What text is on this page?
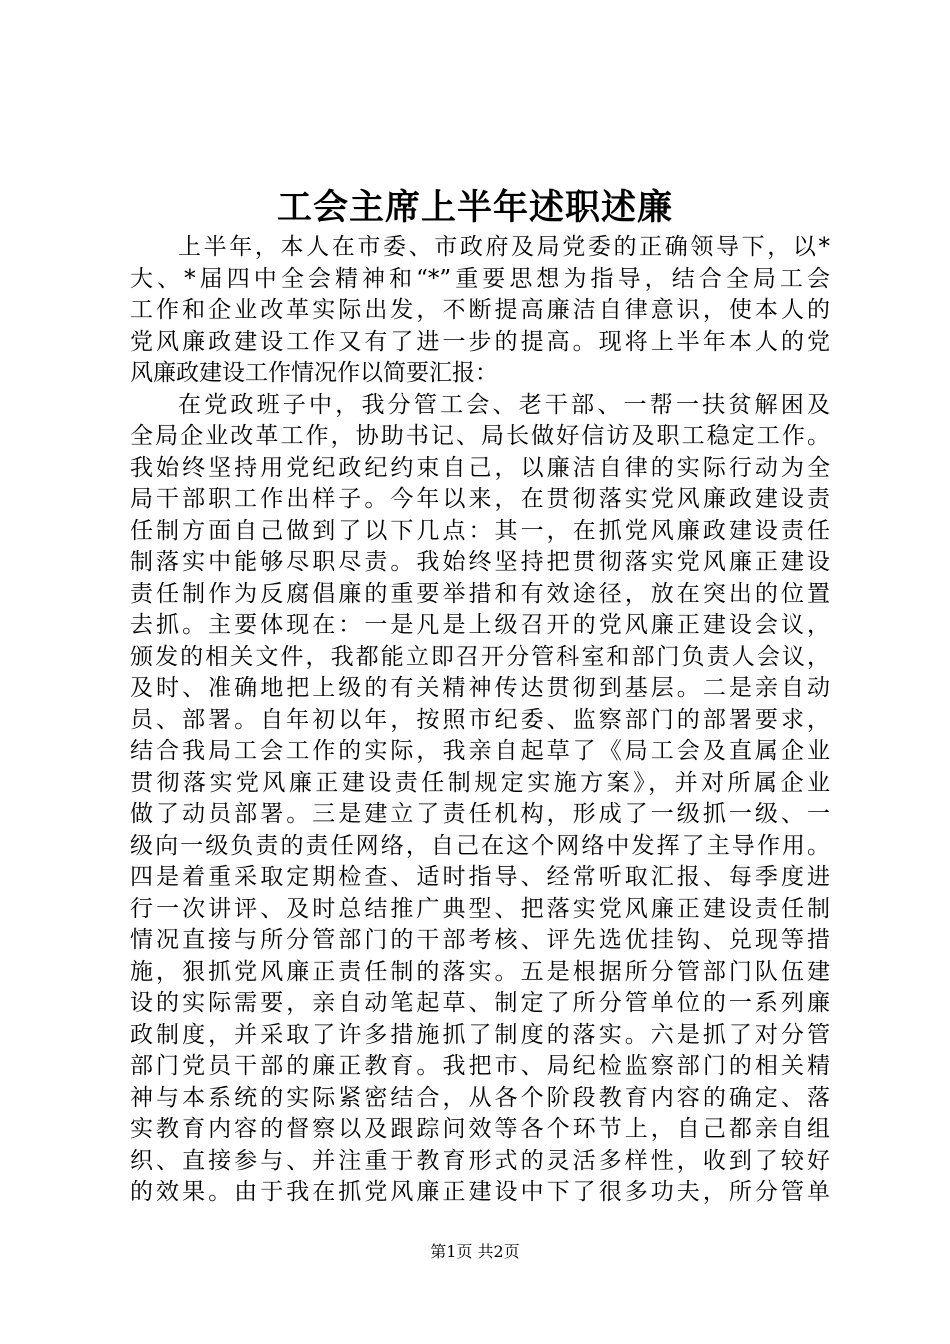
工会主席上半年述职述廉
上半年，本人在市委、市政府及局党委的正确领导下，以*
大、*届四中全会精神和“*”重要思想为指导，结合全局工会
工作和企业改革实际出发，不断提高廉洁自律意识，使本人的
党风廉政建设工作又有了进一步的提高。现将上半年本人的党
风廉政建设工作情况作以简要汇报：
在党政班子中，我分管工会、老干部、一帮一扶贫解困及
全局企业改革工作，协助书记、局长做好信访及职工稳定工作。
我始终坚持用党纪政纪约束自己，以廉洁自律的实际行动为全
局干部职工作出样子。今年以来，在贯彻落实党风廉政建设责
任制方面自己做到了以下几点：其一，在抓党风廉政建设责任
制落实中能够尽职尽责。我始终坚持把贯彻落实党风廉正建设
责任制作为反腐倡廉的重要举措和有效途径，放在突出的位置
去抓。主要体现在：一是凡是上级召开的党风廉正建设会议，
颁发的相关文件，我都能立即召开分管科室和部门负责人会议，
及时、准确地把上级的有关精神传达贯彻到基层。二是亲自动
员、部署。自年初以年，按照市纪委、监察部门的部署要求，
结合我局工会工作的实际，我亲自起草了《局工会及直属企业
贯彻落实党风廉正建设责任制规定实施方案》，并对所属企业
做了动员部署。三是建立了责任机构，形成了一级抓一级、一
级向一级负责的责任网络，自己在这个网络中发挥了主导作用。
四是着重采取定期检查、适时指导、经常听取汇报、每季度进
行一次讲评、及时总结推广典型、把落实党风廉正建设责任制
情况直接与所分管部门的干部考核、评先选优挂钩、兑现等措
施，狠抓党风廉正责任制的落实。五是根据所分管部门队伍建
设的实际需要，亲自动笔起草、制定了所分管单位的一系列廉
政制度，并采取了许多措施抓了制度的落实。六是抓了对分管
部门党员干部的廉正教育。我把市、局纪检监察部门的相关精
神与本系统的实际紧密结合，从各个阶段教育内容的确定、落
实教育内容的督察以及跟踪问效等各个环节上，自己都亲自组
织、直接参与、并注重于教育形式的灵活多样性，收到了较好
的效果。由于我在抓党风廉正建设中下了很多功夫，所分管单
第1页 共2页
